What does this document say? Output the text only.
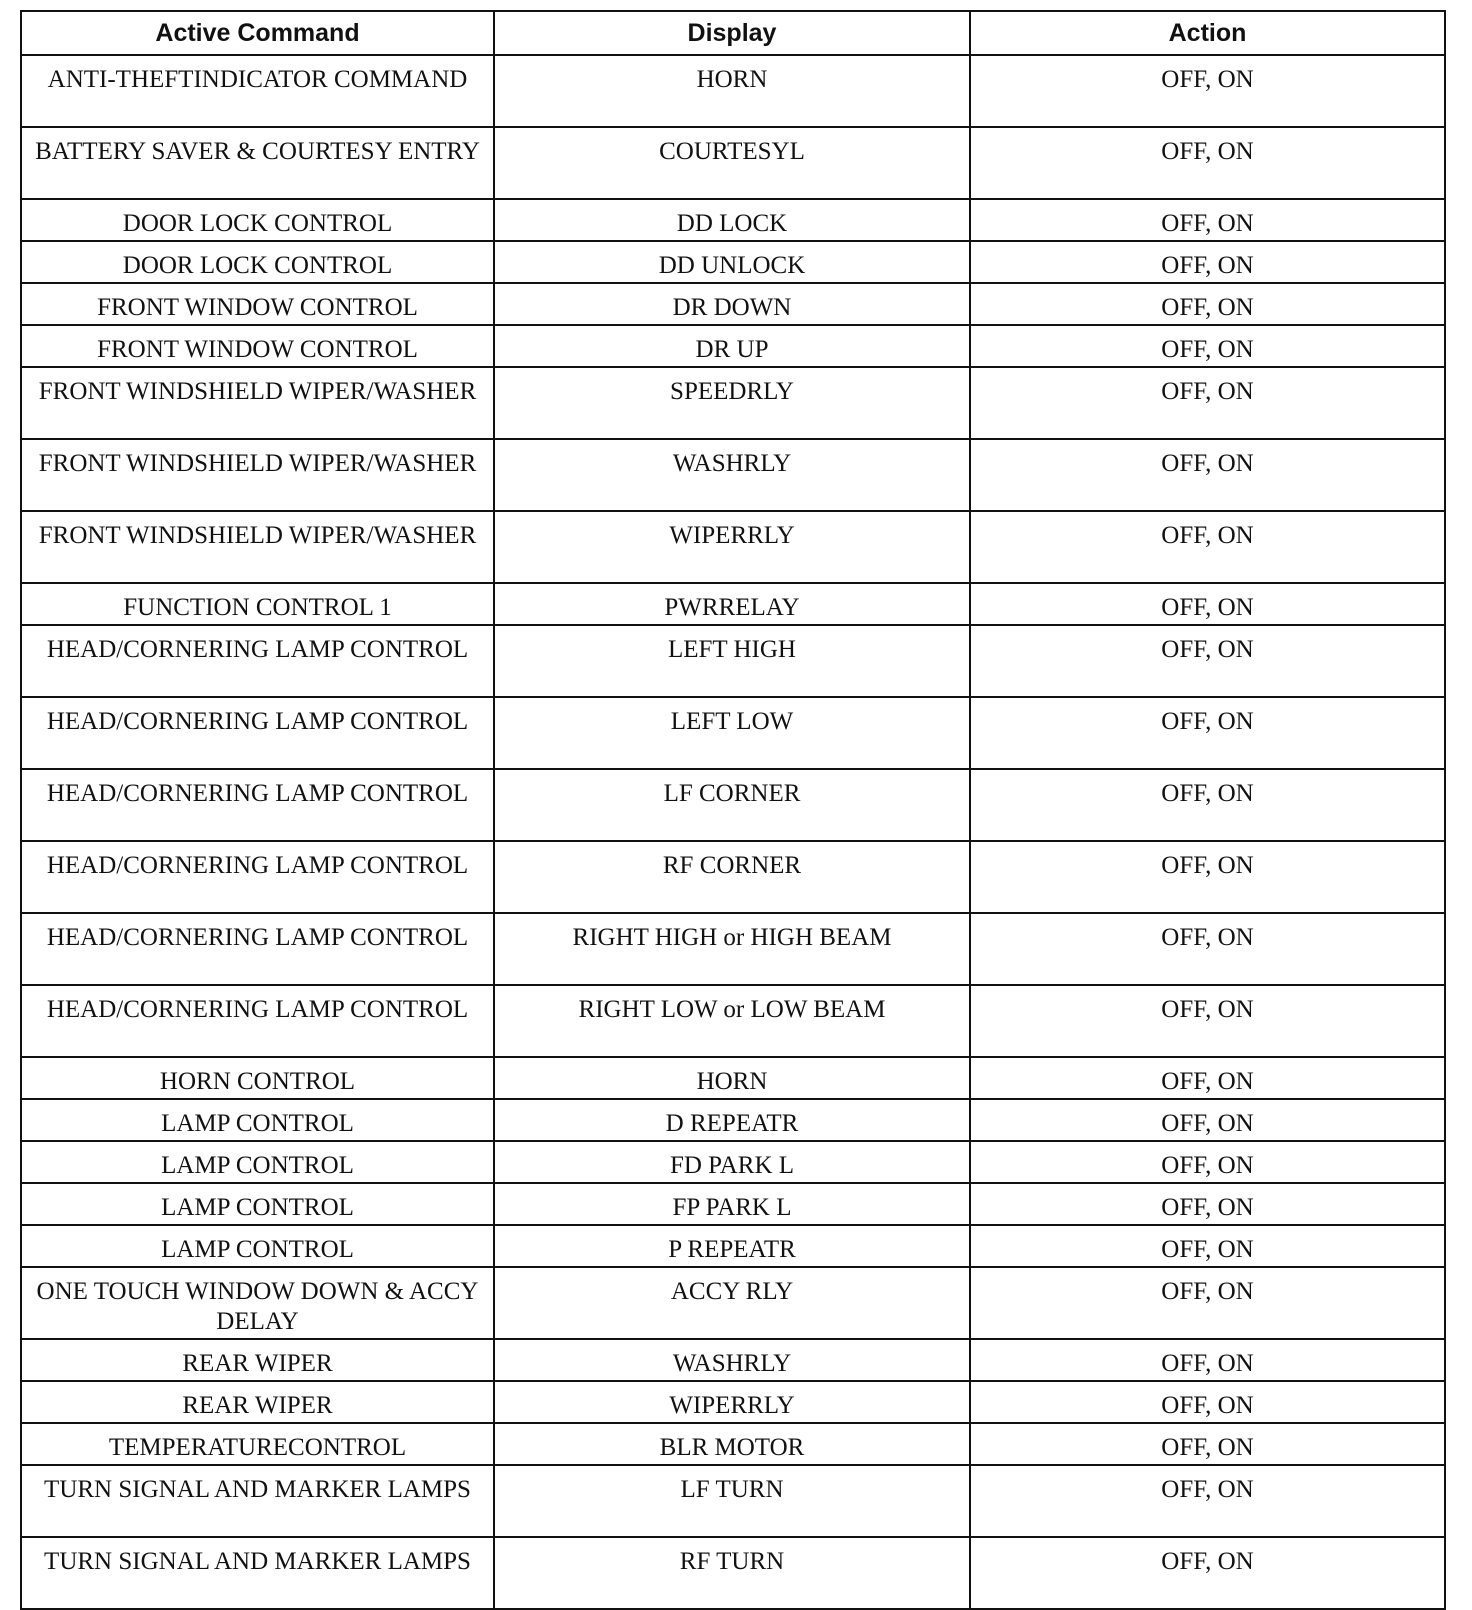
Active Command	Display	Action
ANTI-THEFTINDICATOR COMMAND	HORN	OFF, ON
BATTERY SAVER & COURTESY ENTRY	COURTESYL	OFF, ON
DOOR LOCK CONTROL	DD LOCK	OFF, ON
DOOR LOCK CONTROL	DD UNLOCK	OFF, ON
FRONT WINDOW CONTROL	DR DOWN	OFF, ON
FRONT WINDOW CONTROL	DR UP	OFF, ON
FRONT WINDSHIELD WIPER/WASHER	SPEEDRLY	OFF, ON
FRONT WINDSHIELD WIPER/WASHER	WASHRLY	OFF, ON
FRONT WINDSHIELD WIPER/WASHER	WIPERRLY	OFF, ON
FUNCTION CONTROL 1	PWRRELAY	OFF, ON
HEAD/CORNERING LAMP CONTROL	LEFT HIGH	OFF, ON
HEAD/CORNERING LAMP CONTROL	LEFT LOW	OFF, ON
HEAD/CORNERING LAMP CONTROL	LF CORNER	OFF, ON
HEAD/CORNERING LAMP CONTROL	RF CORNER	OFF, ON
HEAD/CORNERING LAMP CONTROL	RIGHT HIGH or HIGH BEAM	OFF, ON
HEAD/CORNERING LAMP CONTROL	RIGHT LOW or LOW BEAM	OFF, ON
HORN CONTROL	HORN	OFF, ON
LAMP CONTROL	D REPEATR	OFF, ON
LAMP CONTROL	FD PARK L	OFF, ON
LAMP CONTROL	FP PARK L	OFF, ON
LAMP CONTROL	P REPEATR	OFF, ON
ONE TOUCH WINDOW DOWN & ACCY DELAY	ACCY RLY	OFF, ON
REAR WIPER	WASHRLY	OFF, ON
REAR WIPER	WIPERRLY	OFF, ON
TEMPERATURECONTROL	BLR MOTOR	OFF, ON
TURN SIGNAL AND MARKER LAMPS	LF TURN	OFF, ON
TURN SIGNAL AND MARKER LAMPS	RF TURN	OFF, ON
